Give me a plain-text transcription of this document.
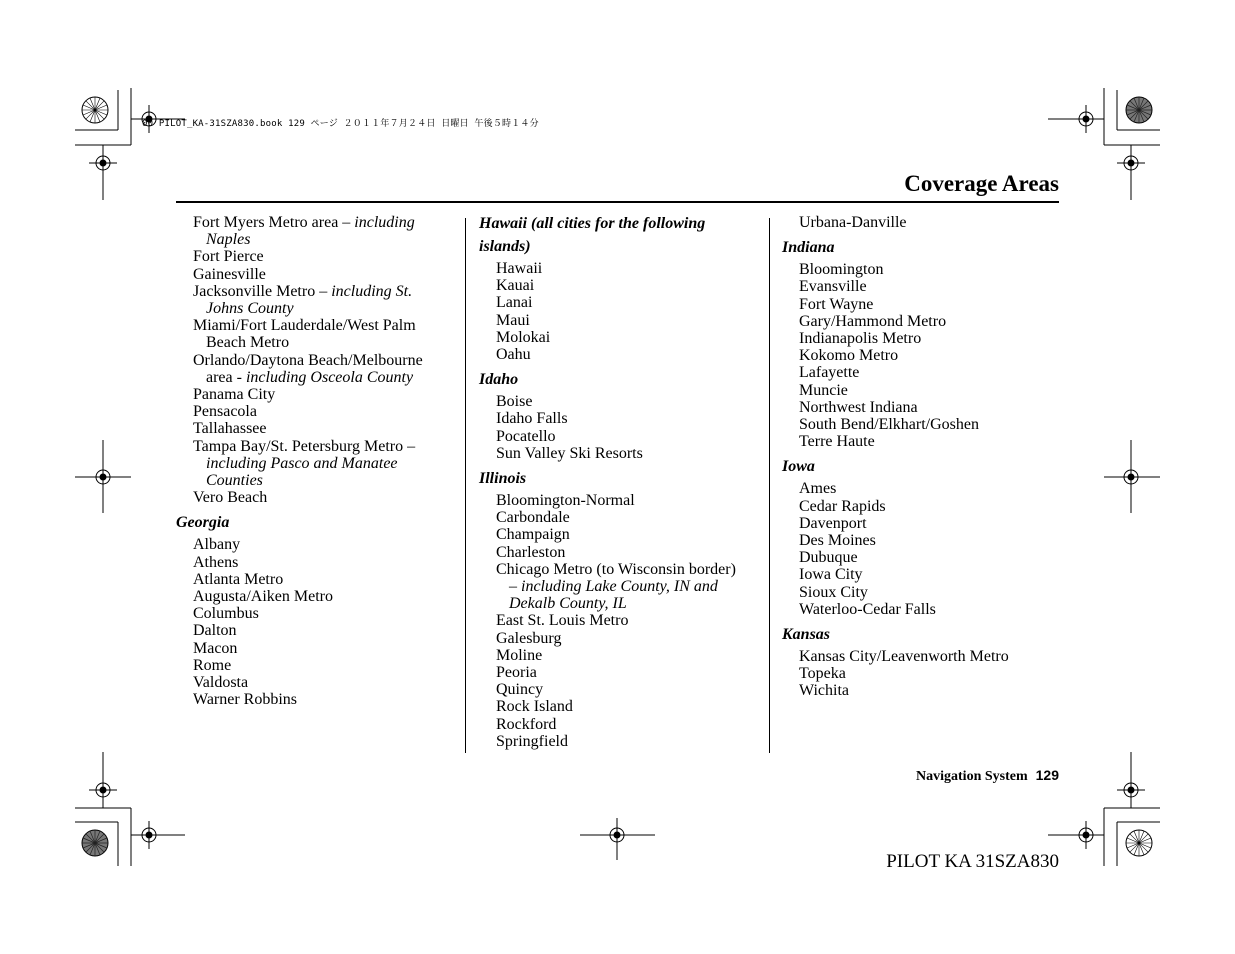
00 PILOT_KA-31SZA830.book 129 ページ ２０１１年７月２４日 日曜日 午後５時１４分
Coverage Areas
Fort Myers Metro area – including
Naples
Fort Pierce
Gainesville
Jacksonville Metro – including St.
Johns County
Miami/Fort Lauderdale/West Palm
Beach Metro
Orlando/Daytona Beach/Melbourne
area - including Osceola County
Panama City
Pensacola
Tallahassee
Tampa Bay/St. Petersburg Metro –
including Pasco and Manatee
Counties
Vero Beach
Georgia
Albany
Athens
Atlanta Metro
Augusta/Aiken Metro
Columbus
Dalton
Macon
Rome
Valdosta
Warner Robbins
Hawaii (all cities for the following
islands)
Hawaii
Kauai
Lanai
Maui
Molokai
Oahu
Idaho
Boise
Idaho Falls
Pocatello
Sun Valley Ski Resorts
Illinois
Bloomington-Normal
Carbondale
Champaign
Charleston
Chicago Metro (to Wisconsin border)
– including Lake County, IN and
Dekalb County, IL
East St. Louis Metro
Galesburg
Moline
Peoria
Quincy
Rock Island
Rockford
Springfield
Urbana-Danville
Indiana
Bloomington
Evansville
Fort Wayne
Gary/Hammond Metro
Indianapolis Metro
Kokomo Metro
Lafayette
Muncie
Northwest Indiana
South Bend/Elkhart/Goshen
Terre Haute
Iowa
Ames
Cedar Rapids
Davenport
Des Moines
Dubuque
Iowa City
Sioux City
Waterloo-Cedar Falls
Kansas
Kansas City/Leavenworth Metro
Topeka
Wichita
Navigation System 129
PILOT KA 31SZA830
